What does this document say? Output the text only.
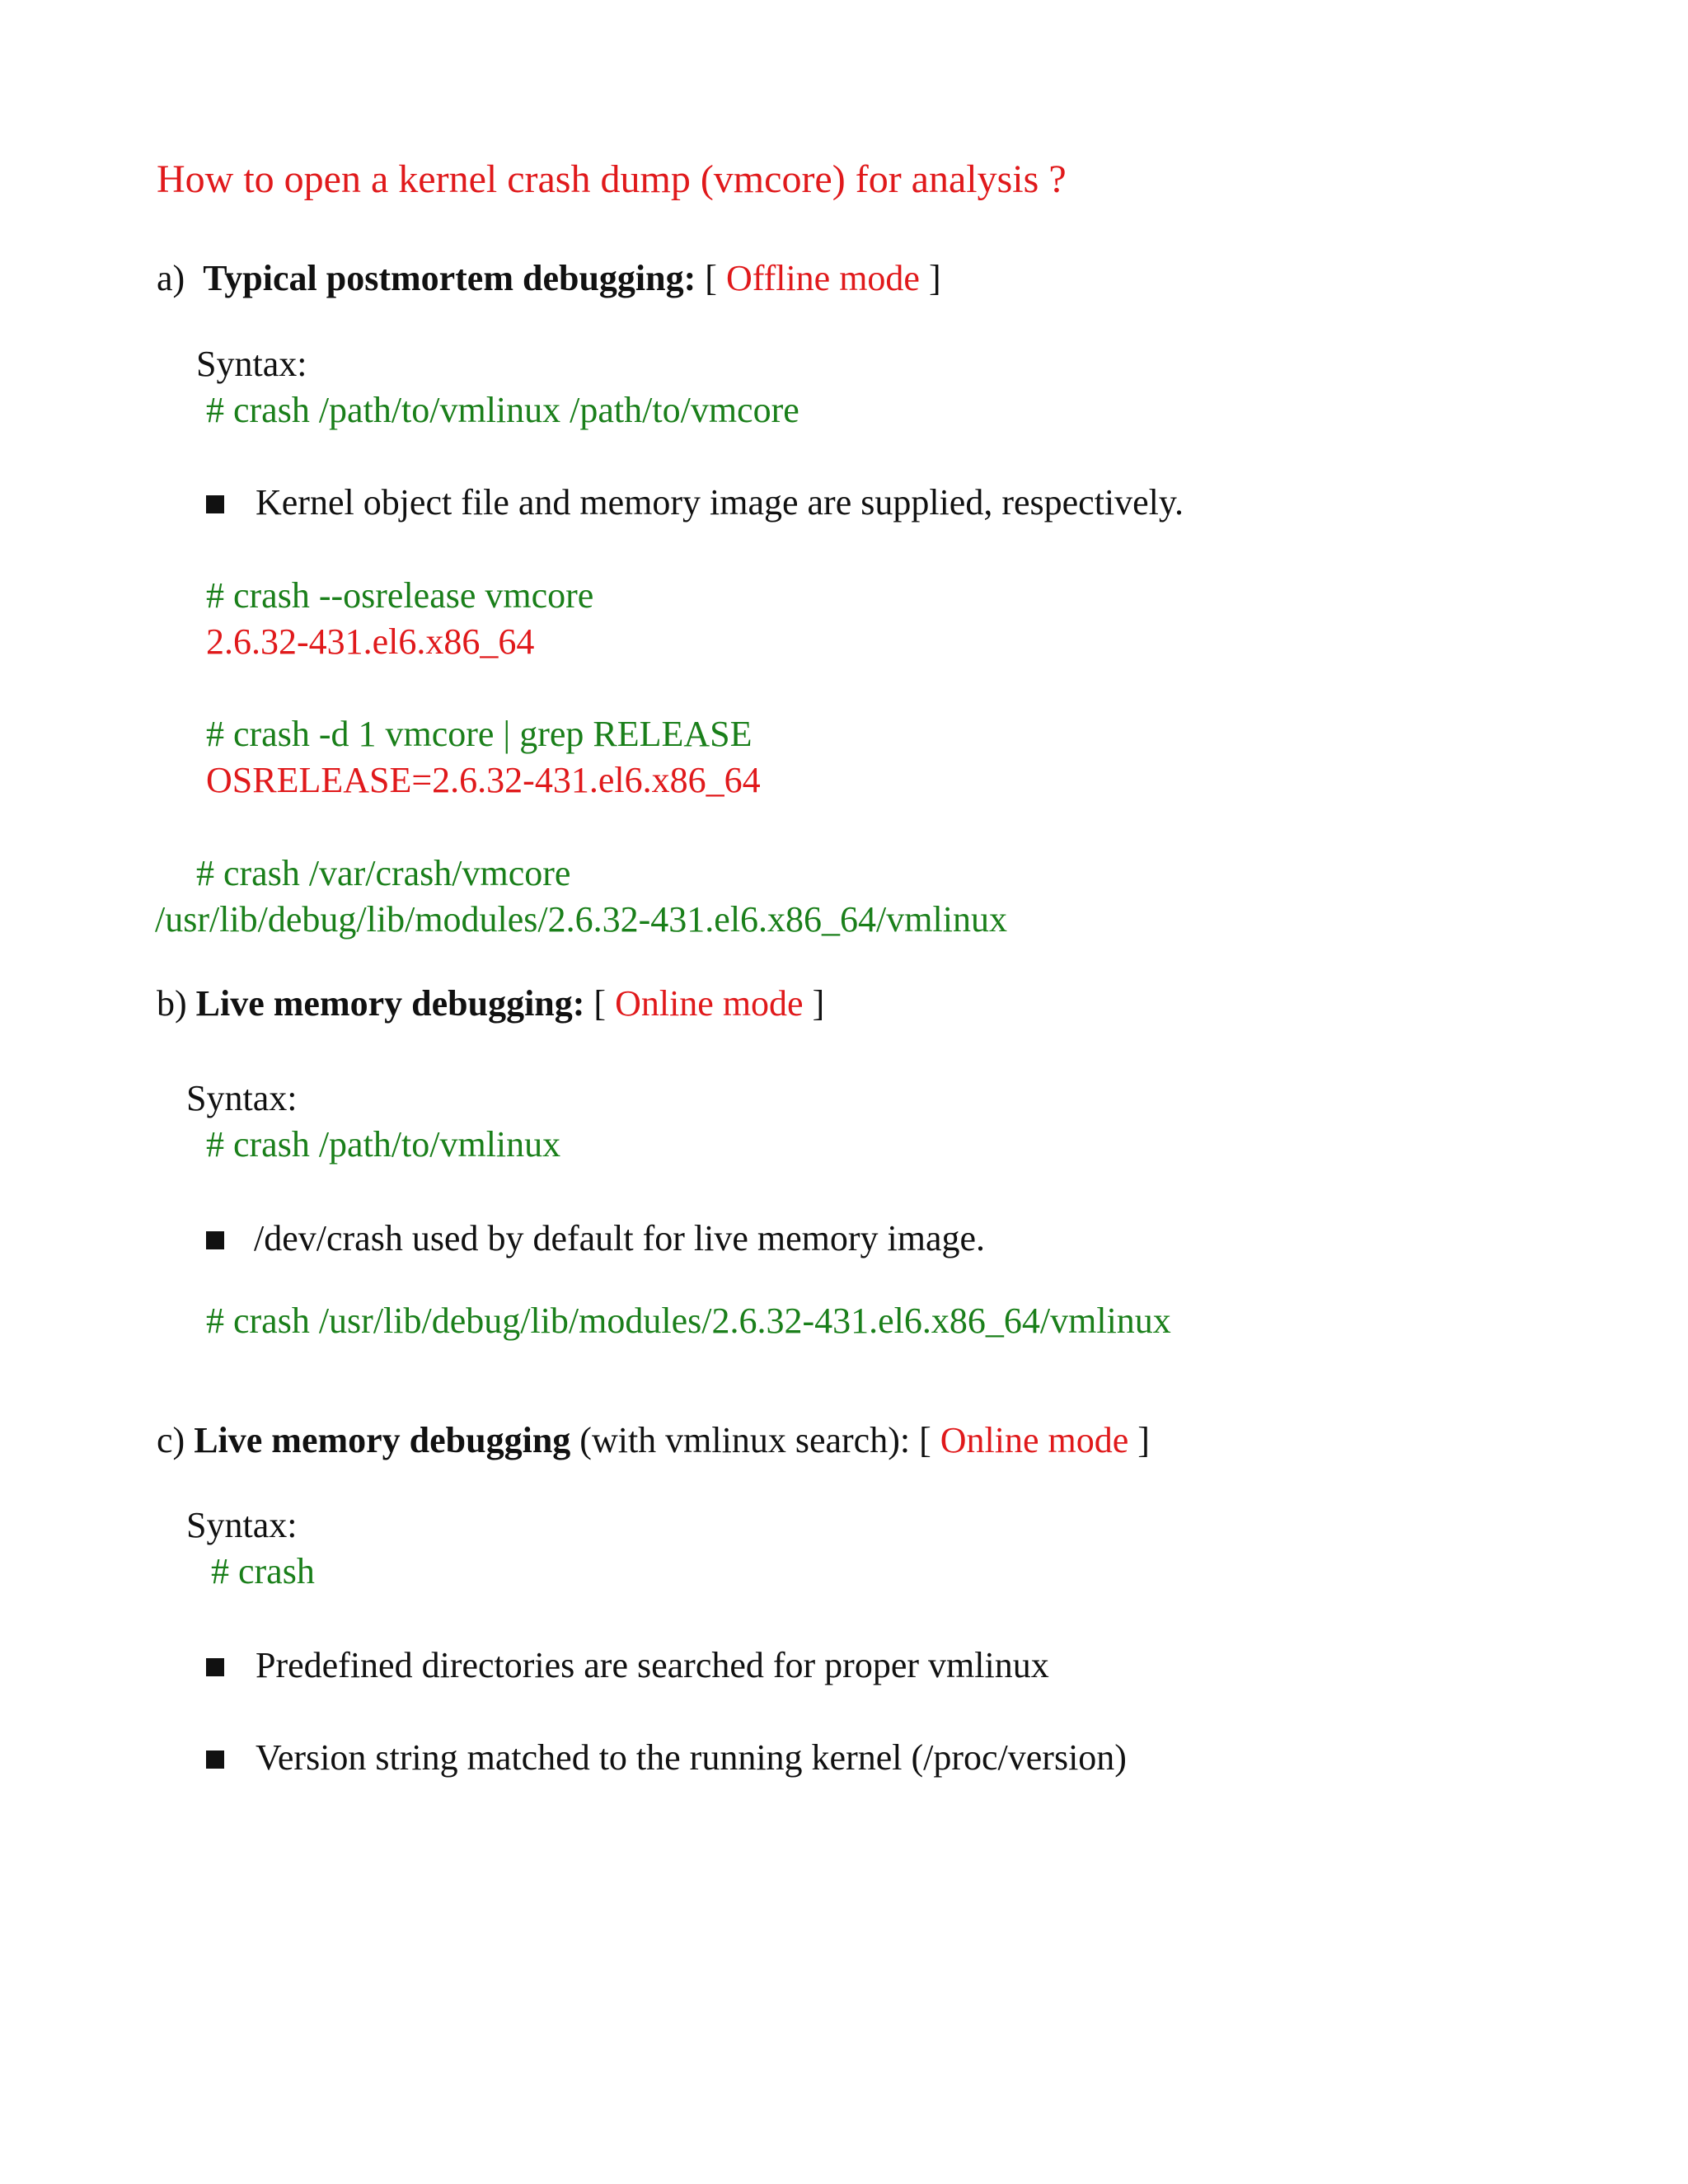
How to open a kernel crash dump (vmcore) for analysis ?
a) Typical postmortem debugging: [ Offline mode ]
Syntax:
# crash /path/to/vmlinux /path/to/vmcore
Kernel object file and memory image are supplied, respectively.
# crash --osrelease vmcore
2.6.32-431.el6.x86_64
# crash -d 1 vmcore | grep RELEASE
OSRELEASE=2.6.32-431.el6.x86_64
# crash /var/crash/vmcore
/usr/lib/debug/lib/modules/2.6.32-431.el6.x86_64/vmlinux
b) Live memory debugging: [ Online mode ]
Syntax:
# crash /path/to/vmlinux
/dev/crash used by default for live memory image.
# crash /usr/lib/debug/lib/modules/2.6.32-431.el6.x86_64/vmlinux
c) Live memory debugging (with vmlinux search): [ Online mode ]
Syntax:
# crash
Predefined directories are searched for proper vmlinux
Version string matched to the running kernel (/proc/version)
